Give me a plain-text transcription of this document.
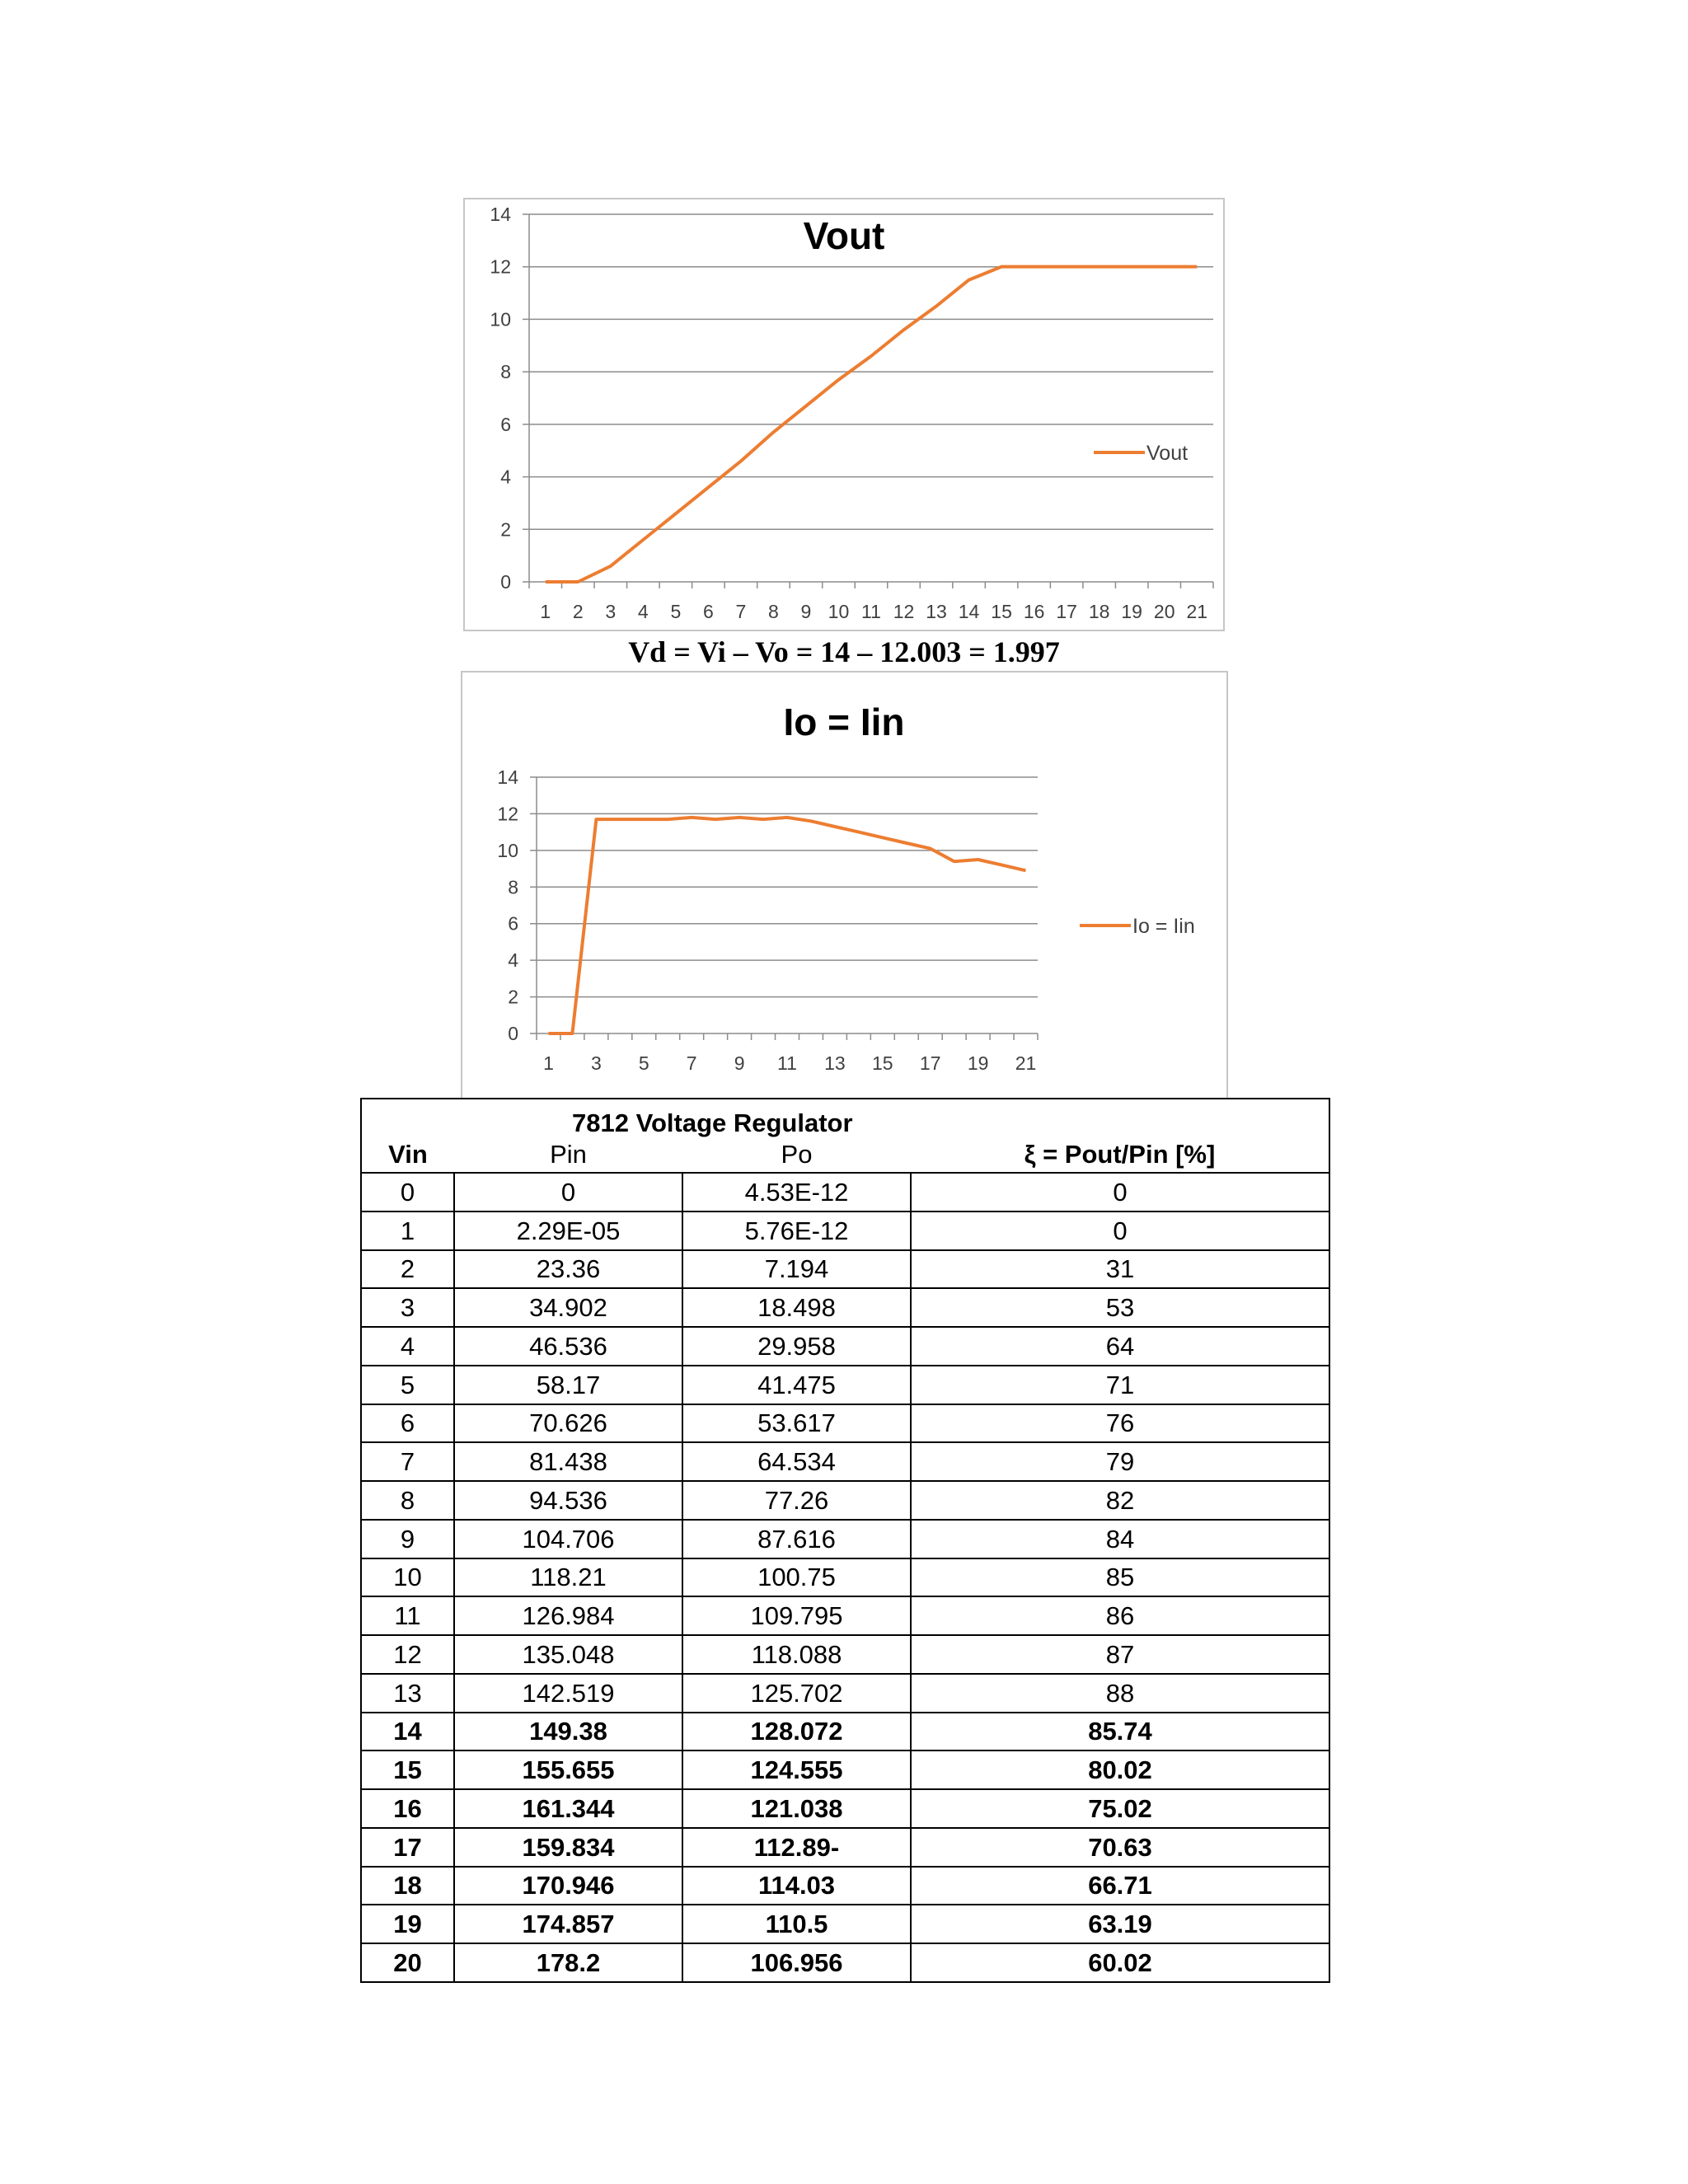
0
2
4
6
8
10
12
14
1 2 3 4 5 6 7 8 9 10 11 12 13 14 15 16 17 18 19 20 21
Vout
Vout
Vd = Vi – Vo = 14 – 12.003 = 1.997
0
2
4
6
8
10
12
14
1 3 5 7 9 11 13 15 17 19 21
Io = Iin
Io = Iin
		7812 Voltage Regulator	
Vin	Pin	Po	ξ = Pout/Pin [%]
0	0	4.53E-12	0
1	2.29E-05	5.76E-12	0
2	23.36	7.194	31
3	34.902	18.498	53
4	46.536	29.958	64
5	58.17	41.475	71
6	70.626	53.617	76
7	81.438	64.534	79
8	94.536	77.26	82
9	104.706	87.616	84
10	118.21	100.75	85
11	126.984	109.795	86
12	135.048	118.088	87
13	142.519	125.702	88
14	149.38	128.072	85.74
15	155.655	124.555	80.02
16	161.344	121.038	75.02
17	159.834	112.89-	70.63
18	170.946	114.03	66.71
19	174.857	110.5	63.19
20	178.2	106.956	60.02
